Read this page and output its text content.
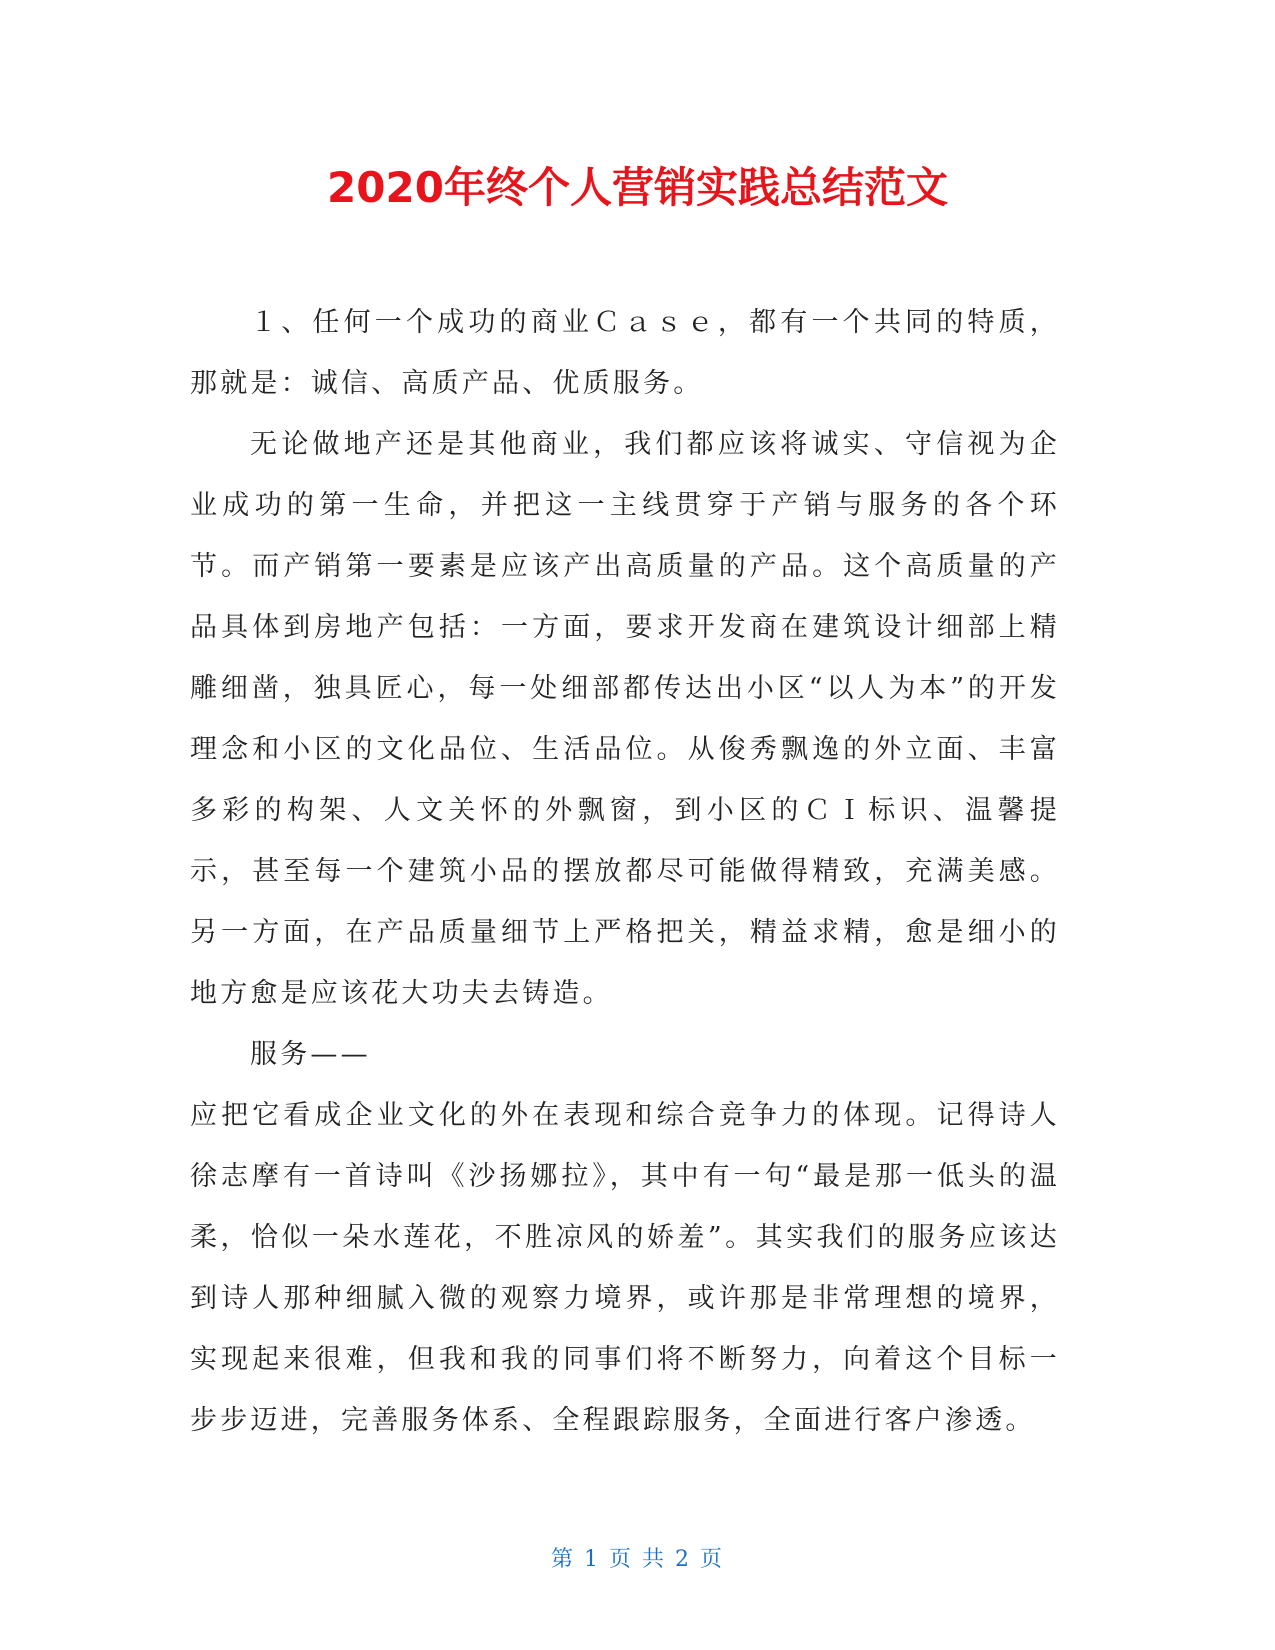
2020年终个人营销实践总结范文

１、任何一个成功的商业Ｃａｓｅ，都有一个共同的特质，那就是：诚信、高质产品、优质服务。

无论做地产还是其他商业，我们都应该将诚实、守信视为企业成功的第一生命，并把这一主线贯穿于产销与服务的各个环节。而产销第一要素是应该产出高质量的产品。这个高质量的产品具体到房地产包括：一方面，要求开发商在建筑设计细部上精雕细凿，独具匠心，每一处细部都传达出小区“以人为本”的开发理念和小区的文化品位、生活品位。从俊秀飘逸的外立面、丰富多彩的构架、人文关怀的外飘窗，到小区的ＣＩ标识、温馨提示，甚至每一个建筑小品的摆放都尽可能做得精致，充满美感。另一方面，在产品质量细节上严格把关，精益求精，愈是细小的地方愈是应该花大功夫去铸造。

服务——

应把它看成企业文化的外在表现和综合竞争力的体现。记得诗人徐志摩有一首诗叫《沙扬娜拉》，其中有一句“最是那一低头的温柔，恰似一朵水莲花，不胜凉风的娇羞”。其实我们的服务应该达到诗人那种细腻入微的观察力境界，或许那是非常理想的境界，实现起来很难，但我和我的同事们将不断努力，向着这个目标一步步迈进，完善服务体系、全程跟踪服务，全面进行客户渗透。

第 1 页 共 2 页
